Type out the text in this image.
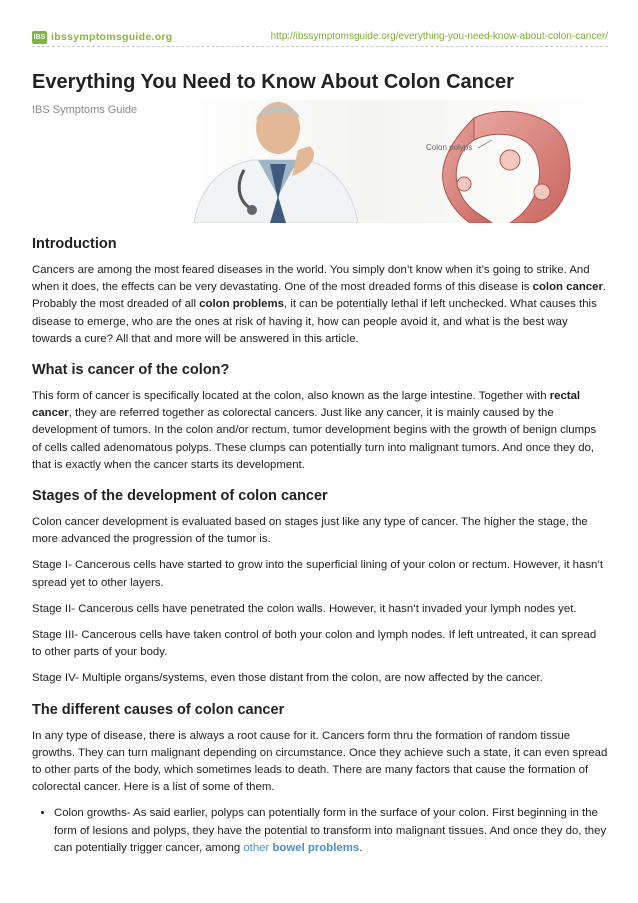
IBS ibssymptomsguide.org	http://ibssymptomsguide.org/everything-you-need-know-about-colon-cancer/
Everything You Need to Know About Colon Cancer
IBS Symptoms Guide
Colon polyps
Introduction

Cancers are among the most feared diseases in the world. You simply don’t know when it’s going to strike. And when it does, the effects can be very devastating. One of the most dreaded forms of this disease is colon cancer. Probably the most dreaded of all colon problems, it can be potentially lethal if left unchecked. What causes this disease to emerge, who are the ones at risk of having it, how can people avoid it, and what is the best way towards a cure? All that and more will be answered in this article.

What is cancer of the colon?

This form of cancer is specifically located at the colon, also known as the large intestine. Together with rectal cancer, they are referred together as colorectal cancers. Just like any cancer, it is mainly caused by the development of tumors. In the colon and/or rectum, tumor development begins with the growth of benign clumps of cells called adenomatous polyps. These clumps can potentially turn into malignant tumors. And once they do, that is exactly when the cancer starts its development.

Stages of the development of colon cancer

Colon cancer development is evaluated based on stages just like any type of cancer. The higher the stage, the more advanced the progression of the tumor is.

Stage I- Cancerous cells have started to grow into the superficial lining of your colon or rectum. However, it hasn’t spread yet to other layers.

Stage II- Cancerous cells have penetrated the colon walls. However, it hasn’t invaded your lymph nodes yet.

Stage III- Cancerous cells have taken control of both your colon and lymph nodes. If left untreated, it can spread to other parts of your body.

Stage IV- Multiple organs/systems, even those distant from the colon, are now affected by the cancer.

The different causes of colon cancer

In any type of disease, there is always a root cause for it. Cancers form thru the formation of random tissue growths. They can turn malignant depending on circumstance. Once they achieve such a state, it can even spread to other parts of the body, which sometimes leads to death. There are many factors that cause the formation of colorectal cancer. Here is a list of some of them.

• Colon growths- As said earlier, polyps can potentially form in the surface of your colon. First beginning in the form of lesions and polyps, they have the potential to transform into malignant tissues. And once they do, they can potentially trigger cancer, among other bowel problems.
